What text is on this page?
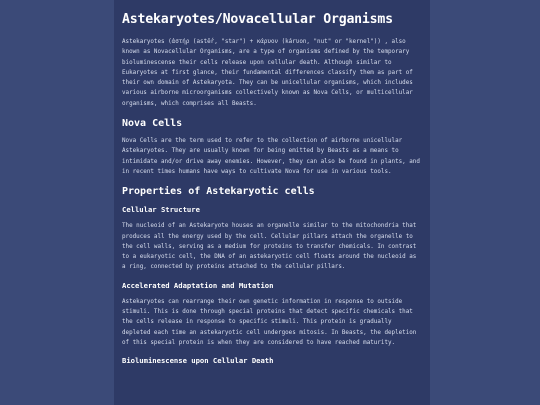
Astekaryotes/Novacellular Organisms

Astekaryotes (ἀστήρ (astḗr, "star") + κάρυον (kárυon, "nut" or "kernel")) , also known as Novacellular Organisms, are a type of organisms defined by the temporary bioluminescense their cells release upon cellular death. Although similar to Eukaryotes at first glance, their fundamental differences classify them as part of their own domain of Astekaryota. They can be unicellular organisms, which includes various airborne microorganisms collectively known as Nova Cells, or multicellular organisms, which comprises all Beasts.

Nova Cells

Nova Cells are the term used to refer to the collection of airborne unicellular Astekaryotes. They are usually known for being emitted by Beasts as a means to intimidate and/or drive away enemies. However, they can also be found in plants, and in recent times humans have ways to cultivate Nova for use in various tools.

Properties of Astekaryotic cells
Cellular Structure

The nucleoid of an Astekaryote houses an organelle similar to the mitochondria that produces all the energy used by the cell. Cellular pillars attach the organelle to the cell walls, serving as a medium for proteins to transfer chemicals. In contrast to a eukaryotic cell, the DNA of an astekaryotic cell floats around the nucleoid as a ring, connected by proteins attached to the cellular pillars.

Accelerated Adaptation and Mutation

Astekaryotes can rearrange their own genetic information in response to outside stimuli. This is done through special proteins that detect specific chemicals that the cells release in response to specific stimuli. This protein is gradually depleted each time an astekaryotic cell undergoes mitosis. In Beasts, the depletion of this special protein is when they are considered to have reached maturity.

Bioluminescense upon Cellular Death
